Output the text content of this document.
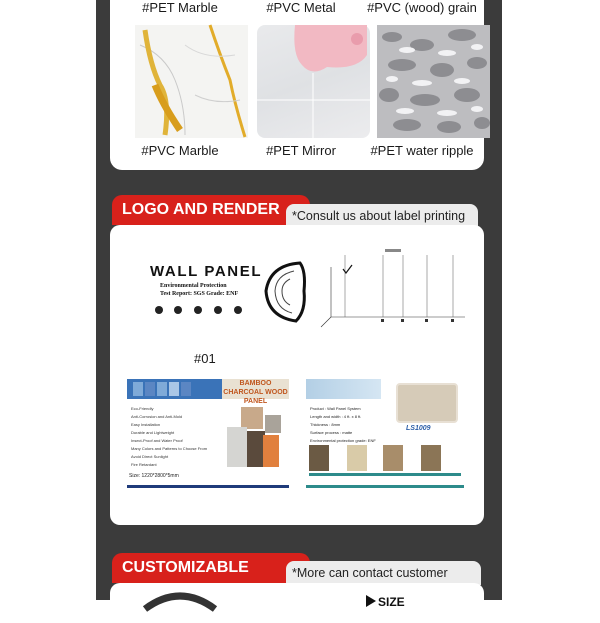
#PET Marble	#PVC Metal	#PVC (wood) grain
#PVC Marble	#PET Mirror	#PET water ripple
LOGO AND RENDER *Consult us about label printing
WALL PANEL
Environmental Protection
Test Report: SGS Grade: ENF
#01
BAMBOO CHARCOAL WOOD PANEL
Eco-Friendly
Anti-Corrosion and Anti-Mold
Easy Installation
Durable and Lightweight
Insect-Proof and Water Proof
Many Colors and Patterns to Choose From
Avoid Direct Sunlight
Fire Retardant
Size: 1220*2800*5mm
LS1009
Product : Wall Panel System
Length and width : 4 ft. x 8 ft.
Thickness : 8mm
Surface process : matte
Environmental protection grade: ENF
CUSTOMIZABLE	*More can contact customer
SIZE
